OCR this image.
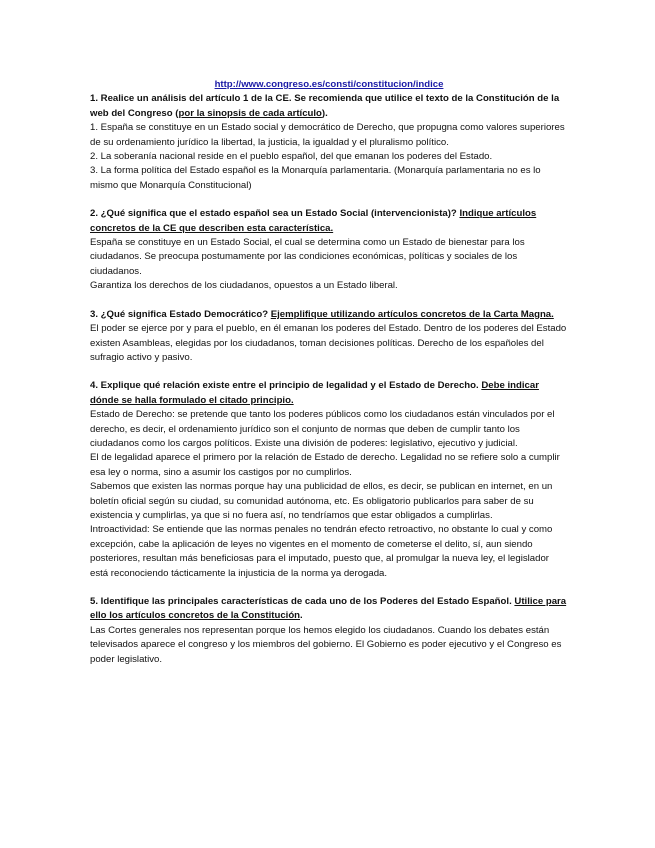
http://www.congreso.es/consti/constitucion/indice

1. Realice un análisis del artículo 1 de la CE. Se recomienda que utilice el texto de la Constitución de la web del Congreso (por la sinopsis de cada artículo).

1. España se constituye en un Estado social y democrático de Derecho, que propugna como valores superiores de su ordenamiento jurídico la libertad, la justicia, la igualdad y el pluralismo político.

2. La soberanía nacional reside en el pueblo español, del que emanan los poderes del Estado.

3. La forma política del Estado español es la Monarquía parlamentaria. (Monarquía parlamentaria no es lo mismo que Monarquía Constitucional)

2. ¿Qué significa que el estado español sea un Estado Social (intervencionista)? Indique artículos concretos de la CE que describen esta característica.

España se constituye en un Estado Social, el cual se determina como un Estado de bienestar para los ciudadanos. Se preocupa postumamente por las condiciones económicas, políticas y sociales de los ciudadanos.

Garantiza los derechos de los ciudadanos, opuestos a un Estado liberal.

3. ¿Qué significa Estado Democrático? Ejemplifique utilizando artículos concretos de la Carta Magna.

El poder se ejerce por y para el pueblo, en él emanan los poderes del Estado. Dentro de los poderes del Estado existen Asambleas, elegidas por los ciudadanos, toman decisiones políticas. Derecho de los españoles del sufragio activo y pasivo.

4. Explique qué relación existe entre el principio de legalidad y el Estado de Derecho. Debe indicar dónde se halla formulado el citado principio.

Estado de Derecho: se pretende que tanto los poderes públicos como los ciudadanos están vinculados por el derecho, es decir, el ordenamiento jurídico son el conjunto de normas que deben de cumplir tanto los ciudadanos como los cargos políticos. Existe una división de poderes: legislativo, ejecutivo y judicial.

El de legalidad aparece el primero por la relación de Estado de derecho. Legalidad no se refiere solo a cumplir esa ley o norma, sino a asumir los castigos por no cumplirlos.

Sabemos que existen las normas porque hay una publicidad de ellos, es decir, se publican en internet, en un boletín oficial según su ciudad, su comunidad autónoma, etc. Es obligatorio publicarlos para saber de su existencia y cumplirlas, ya que si no fuera así, no tendríamos que estar obligados a cumplirlas.

Introactividad: Se entiende que las normas penales no tendrán efecto retroactivo, no obstante lo cual y como excepción, cabe la aplicación de leyes no vigentes en el momento de cometerse el delito, sí, aun siendo posteriores, resultan más beneficiosas para el imputado, puesto que, al promulgar la nueva ley, el legislador está reconociendo tácticamente la injusticia de la norma ya derogada.

5. Identifique las principales características de cada uno de los Poderes del Estado Español. Utilice para ello los artículos concretos de la Constitución.

Las Cortes generales nos representan porque los hemos elegido los ciudadanos. Cuando los debates están televisados aparece el congreso y los miembros del gobierno. El Gobierno es poder ejecutivo y el Congreso es poder legislativo.
